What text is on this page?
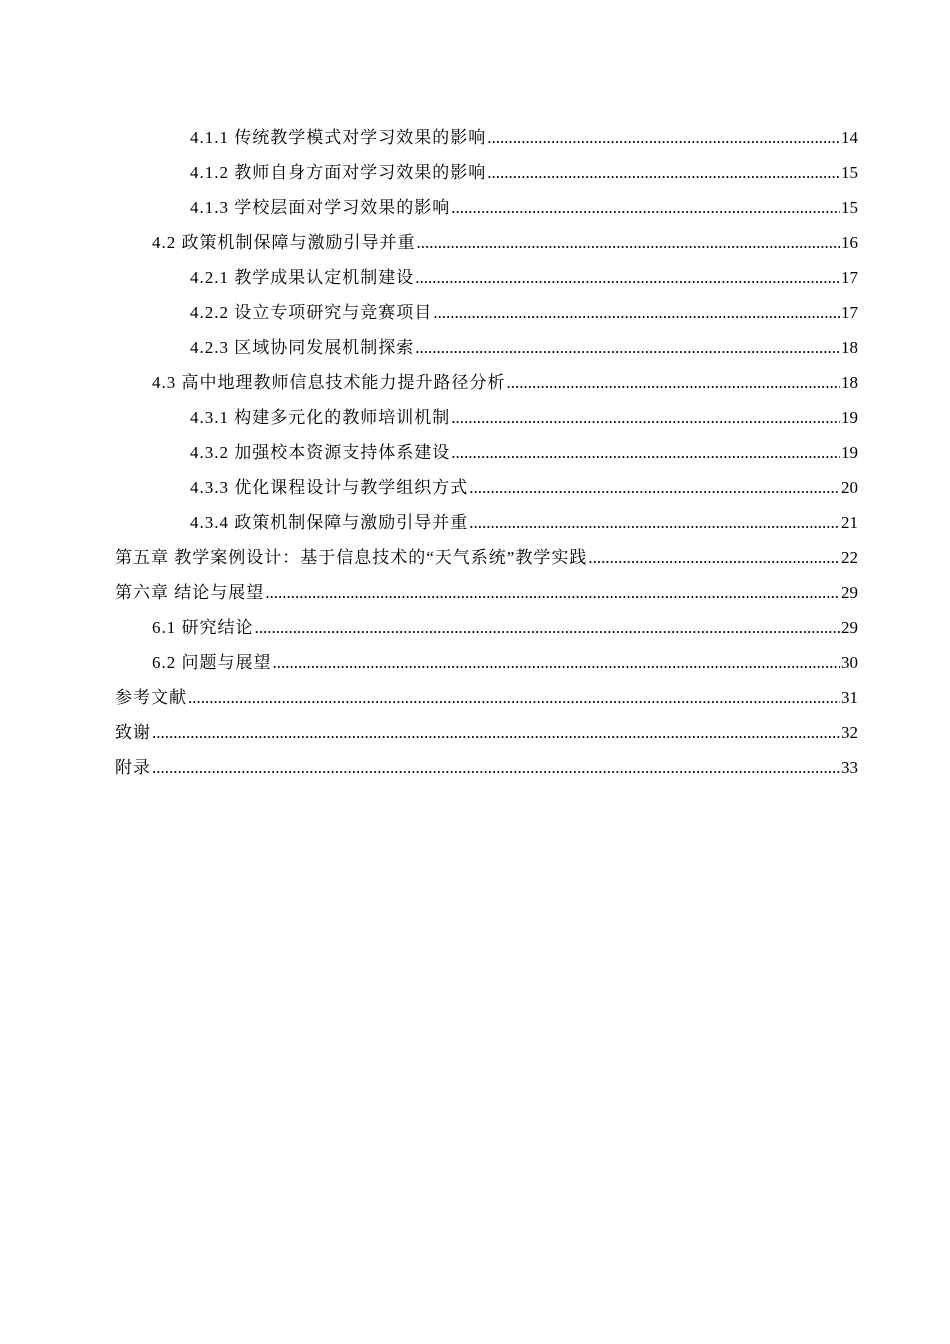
4.1.1 传统教学模式对学习效果的影响 .....	14
4.1.2 教师自身方面对学习效果的影响 .....	15
4.1.3 学校层面对学习效果的影响 .....	15
4.2 政策机制保障与激励引导并重 .....	16
4.2.1 教学成果认定机制建设 .....	17
4.2.2 设立专项研究与竞赛项目 .....	17
4.2.3 区域协同发展机制探索 .....	18
4.3 高中地理教师信息技术能力提升路径分析 .....	18
4.3.1 构建多元化的教师培训机制 .....	19
4.3.2 加强校本资源支持体系建设 .....	19
4.3.3 优化课程设计与教学组织方式 .....	20
4.3.4 政策机制保障与激励引导并重 .....	21
第五章 教学案例设计：基于信息技术的“天气系统”教学实践 .....	22
第六章 结论与展望 .....	29
6.1 研究结论 .....	29
6.2 问题与展望 .....	30
参考文献 .....	31
致谢 .....	32
附录 .....	33
